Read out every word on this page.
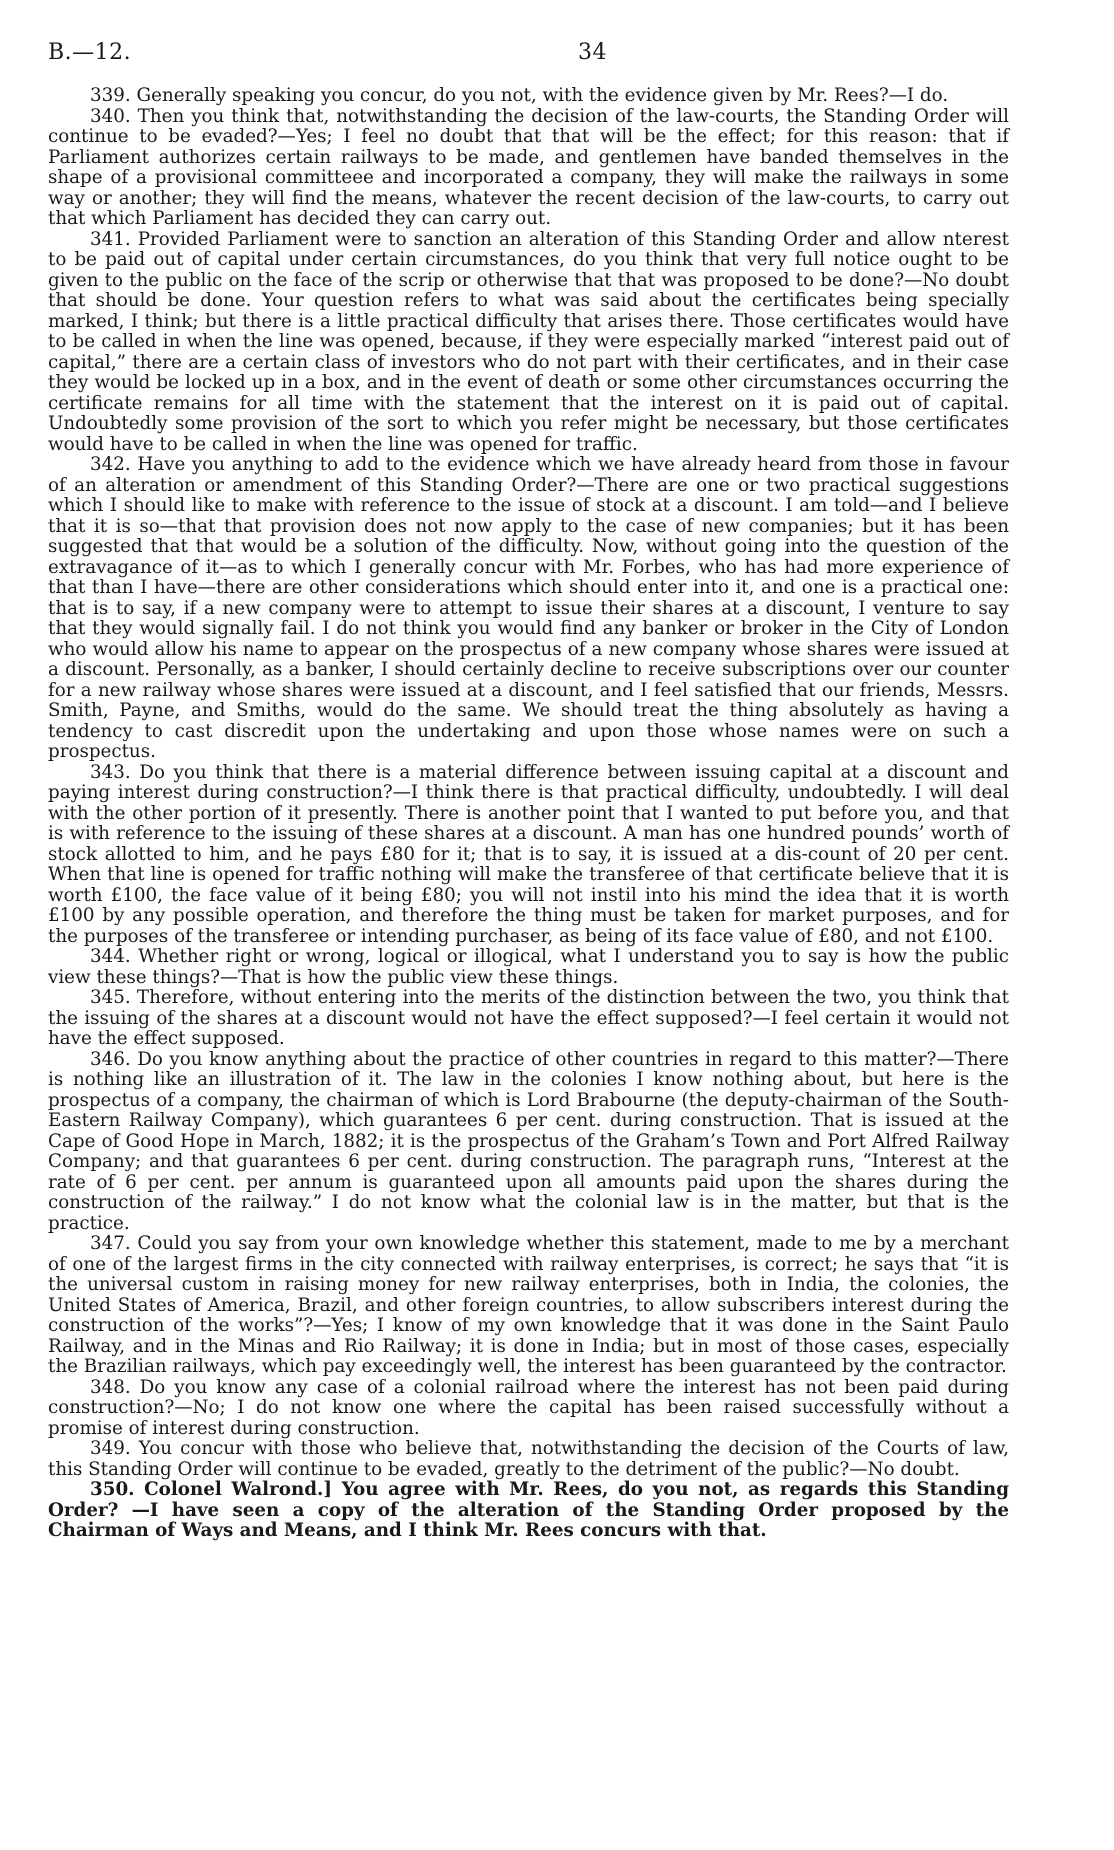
B.—12.	34

339. Generally speaking you concur, do you not, with the evidence given by Mr. Rees?—I do.

340. Then you think that, notwithstanding the decision of the law-courts, the Standing Order will continue to be evaded?—Yes; I feel no doubt that that will be the effect; for this reason: that if Parliament authorizes certain railways to be made, and gentlemen have banded themselves in the shape of a provisional committeee and incorporated a company, they will make the railways in some way or another; they will find the means, whatever the recent decision of the law-courts, to carry out that which Parliament has decided they can carry out.

341. Provided Parliament were to sanction an alteration of this Standing Order and allow nterest to be paid out of capital under certain circumstances, do you think that very full notice ought to be given to the public on the face of the scrip or otherwise that that was proposed to be done?—No doubt that should be done. Your question refers to what was said about the certificates being specially marked, I think; but there is a little practical difficulty that arises there. Those certificates would have to be called in when the line was opened, because, if they were especially marked “interest paid out of capital,” there are a certain class of investors who do not part with their certificates, and in their case they would be locked up in a box, and in the event of death or some other circumstances occurring the certificate remains for all time with the statement that the interest on it is paid out of capital. Undoubtedly some provision of the sort to which you refer might be necessary, but those certificates would have to be called in when the line was opened for traffic.

342. Have you anything to add to the evidence which we have already heard from those in favour of an alteration or amendment of this Standing Order?—There are one or two practical suggestions which I should like to make with reference to the issue of stock at a discount. I am told—and I believe that it is so—that that provision does not now apply to the case of new companies; but it has been suggested that that would be a solution of the difficulty. Now, without going into the question of the extravagance of it—as to which I generally concur with Mr. Forbes, who has had more experience of that than I have—there are other considerations which should enter into it, and one is a practical one: that is to say, if a new company were to attempt to issue their shares at a discount, I venture to say that they would signally fail. I do not think you would find any banker or broker in the City of London who would allow his name to appear on the prospectus of a new company whose shares were issued at a discount. Personally, as a banker, I should certainly decline to receive subscriptions over our counter for a new railway whose shares were issued at a discount, and I feel satisfied that our friends, Messrs. Smith, Payne, and Smiths, would do the same. We should treat the thing absolutely as having a tendency to cast discredit upon the undertaking and upon those whose names were on such a prospectus.

343. Do you think that there is a material difference between issuing capital at a discount and paying interest during construction?—I think there is that practical difficulty, undoubtedly. I will deal with the other portion of it presently. There is another point that I wanted to put before you, and that is with reference to the issuing of these shares at a discount. A man has one hundred pounds’ worth of stock allotted to him, and he pays £80 for it; that is to say, it is issued at a dis-count of 20 per cent. When that line is opened for traffic nothing will make the transferee of that certificate believe that it is worth £100, the face value of it being £80; you will not instil into his mind the idea that it is worth £100 by any possible operation, and therefore the thing must be taken for market purposes, and for the purposes of the transferee or intending purchaser, as being of its face value of £80, and not £100.

344. Whether right or wrong, logical or illogical, what I understand you to say is how the public view these things?—That is how the public view these things.

345. Therefore, without entering into the merits of the distinction between the two, you think that the issuing of the shares at a discount would not have the effect supposed?—I feel certain it would not have the effect supposed.

346. Do you know anything about the practice of other countries in regard to this matter?—There is nothing like an illustration of it. The law in the colonies I know nothing about, but here is the prospectus of a company, the chairman of which is Lord Brabourne (the deputy-chairman of the South-Eastern Railway Company), which guarantees 6 per cent. during construction. That is issued at the Cape of Good Hope in March, 1882; it is the prospectus of the Graham’s Town and Port Alfred Railway Company; and that guarantees 6 per cent. during construction. The paragraph runs, “Interest at the rate of 6 per cent. per annum is guaranteed upon all amounts paid upon the shares during the construction of the railway.” I do not know what the colonial law is in the matter, but that is the practice.

347. Could you say from your own knowledge whether this statement, made to me by a merchant of one of the largest firms in the city connected with railway enterprises, is correct; he says that “it is the universal custom in raising money for new railway enterprises, both in India, the colonies, the United States of America, Brazil, and other foreign countries, to allow subscribers interest during the construction of the works”?—Yes; I know of my own knowledge that it was done in the Saint Paulo Railway, and in the Minas and Rio Railway; it is done in India; but in most of those cases, especially the Brazilian railways, which pay exceedingly well, the interest has been guaranteed by the contractor.

348. Do you know any case of a colonial railroad where the interest has not been paid during construction?—No; I do not know one where the capital has been raised successfully without a promise of interest during construction.

349. You concur with those who believe that, notwithstanding the decision of the Courts of law, this Standing Order will continue to be evaded, greatly to the detriment of the public?—No doubt.

350. Colonel Walrond.] You agree with Mr. Rees, do you not, as regards this Standing Order? —I have seen a copy of the alteration of the Standing Order proposed by the Chairman of Ways and Means, and I think Mr. Rees concurs with that.
